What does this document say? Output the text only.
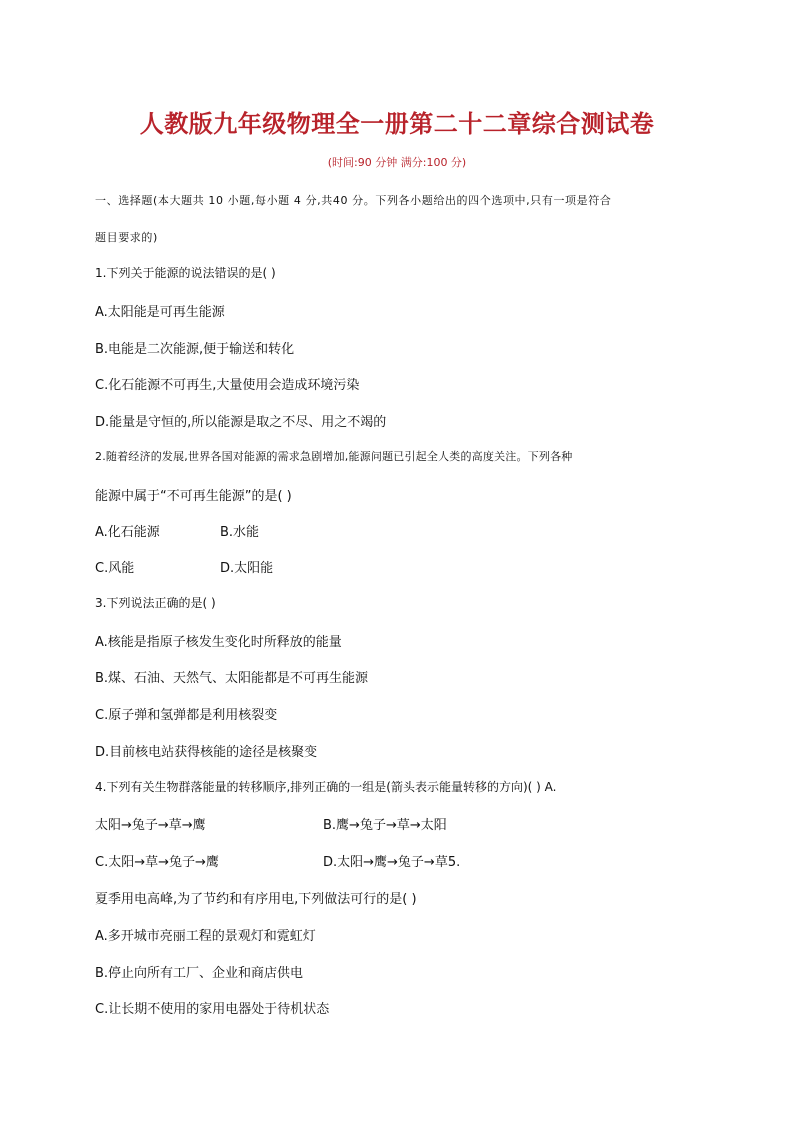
人教版九年级物理全一册第二十二章综合测试卷
(时间:90 分钟 满分:100 分)
一、选择题(本大题共 10 小题,每小题 4 分,共40 分。下列各小题给出的四个选项中,只有一项是符合
题目要求的)
1.下列关于能源的说法错误的是( )
A.太阳能是可再生能源
B.电能是二次能源,便于输送和转化
C.化石能源不可再生,大量使用会造成环境污染
D.能量是守恒的,所以能源是取之不尽、用之不竭的
2.随着经济的发展,世界各国对能源的需求急剧增加,能源问题已引起全人类的高度关注。下列各种
能源中属于“不可再生能源”的是( )
A.化石能源	B.水能
C.风能	D.太阳能
3.下列说法正确的是( )
A.核能是指原子核发生变化时所释放的能量
B.煤、石油、天然气、太阳能都是不可再生能源
C.原子弹和氢弹都是利用核裂变
D.目前核电站获得核能的途径是核聚变
4.下列有关生物群落能量的转移顺序,排列正确的一组是(箭头表示能量转移的方向)( ) A.
太阳→兔子→草→鹰	B.鹰→兔子→草→太阳
C.太阳→草→兔子→鹰	D.太阳→鹰→兔子→草5.
夏季用电高峰,为了节约和有序用电,下列做法可行的是( )
A.多开城市亮丽工程的景观灯和霓虹灯
B.停止向所有工厂、企业和商店供电
C.让长期不使用的家用电器处于待机状态
